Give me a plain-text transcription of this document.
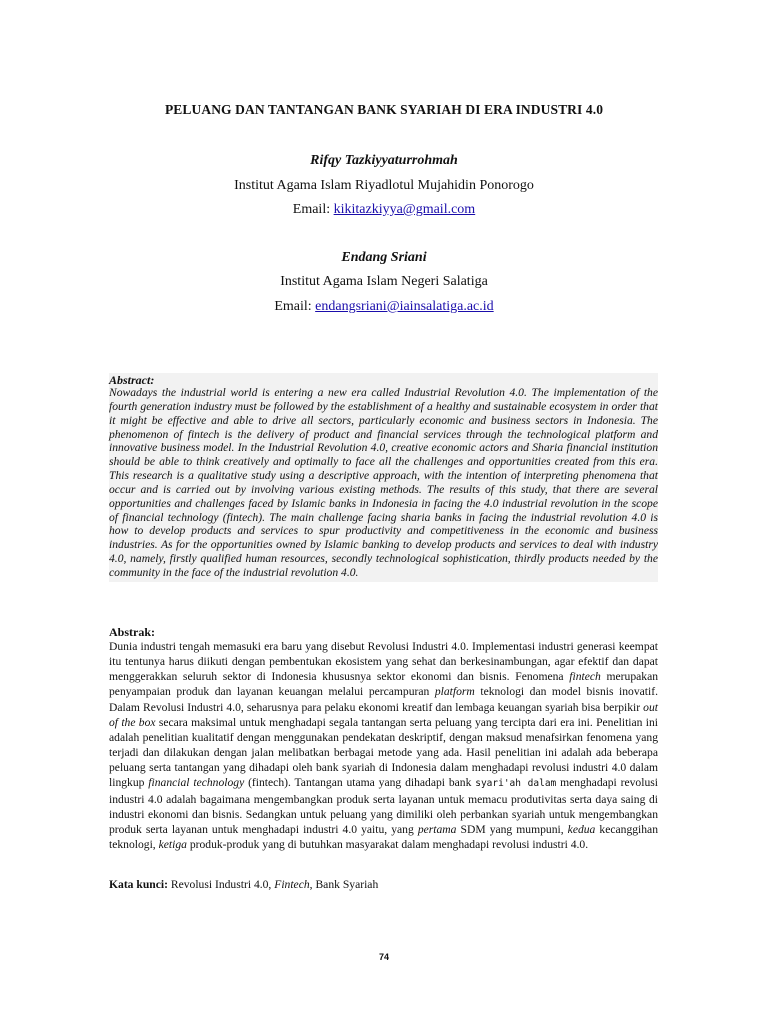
PELUANG DAN TANTANGAN BANK SYARIAH DI ERA INDUSTRI 4.0
Rifqy Tazkiyyaturrohmah
Institut Agama Islam Riyadlotul Mujahidin Ponorogo
Email: kikitazkiyya@gmail.com
Endang Sriani
Institut Agama Islam Negeri Salatiga
Email: endangsriani@iainsalatiga.ac.id
Abstract:
Nowadays the industrial world is entering a new era called Industrial Revolution 4.0. The implementation of the fourth generation industry must be followed by the establishment of a healthy and sustainable ecosystem in order that it might be effective and able to drive all sectors, particularly economic and business sectors in Indonesia. The phenomenon of fintech is the delivery of product and financial services through the technological platform and innovative business model. In the Industrial Revolution 4.0, creative economic actors and Sharia financial institution should be able to think creatively and optimally to face all the challenges and opportunities created from this era. This research is a qualitative study using a descriptive approach, with the intention of interpreting phenomena that occur and is carried out by involving various existing methods. The results of this study, that there are several opportunities and challenges faced by Islamic banks in Indonesia in facing the 4.0 industrial revolution in the scope of financial technology (fintech). The main challenge facing sharia banks in facing the industrial revolution 4.0 is how to develop products and services to spur productivity and competitiveness in the economic and business industries. As for the opportunities owned by Islamic banking to develop products and services to deal with industry 4.0, namely, firstly qualified human resources, secondly technological sophistication, thirdly products needed by the community in the face of the industrial revolution 4.0.
Abstrak:
Dunia industri tengah memasuki era baru yang disebut Revolusi Industri 4.0. Implementasi industri generasi keempat itu tentunya harus diikuti dengan pembentukan ekosistem yang sehat dan berkesinambungan, agar efektif dan dapat menggerakkan seluruh sektor di Indonesia khususnya sektor ekonomi dan bisnis. Fenomena fintech merupakan penyampaian produk dan layanan keuangan melalui percampuran platform teknologi dan model bisnis inovatif. Dalam Revolusi Industri 4.0, seharusnya para pelaku ekonomi kreatif dan lembaga keuangan syariah bisa berpikir out of the box secara maksimal untuk menghadapi segala tantangan serta peluang yang tercipta dari era ini. Penelitian ini adalah penelitian kualitatif dengan menggunakan pendekatan deskriptif, dengan maksud menafsirkan fenomena yang terjadi dan dilakukan dengan jalan melibatkan berbagai metode yang ada. Hasil penelitian ini adalah ada beberapa peluang serta tantangan yang dihadapi oleh bank syariah di Indonesia dalam menghadapi revolusi industri 4.0 dalam lingkup financial technology (fintech). Tantangan utama yang dihadapi bank syari'ah dalam menghadapi revolusi industri 4.0 adalah bagaimana mengembangkan produk serta layanan untuk memacu produtivitas serta daya saing di industri ekonomi dan bisnis. Sedangkan untuk peluang yang dimiliki oleh perbankan syariah untuk mengembangkan produk serta layanan untuk menghadapi industri 4.0 yaitu, yang pertama SDM yang mumpuni, kedua kecanggihan teknologi, ketiga produk-produk yang di butuhkan masyarakat dalam menghadapi revolusi industri 4.0.
Kata kunci: Revolusi Industri 4.0, Fintech, Bank Syariah
74
